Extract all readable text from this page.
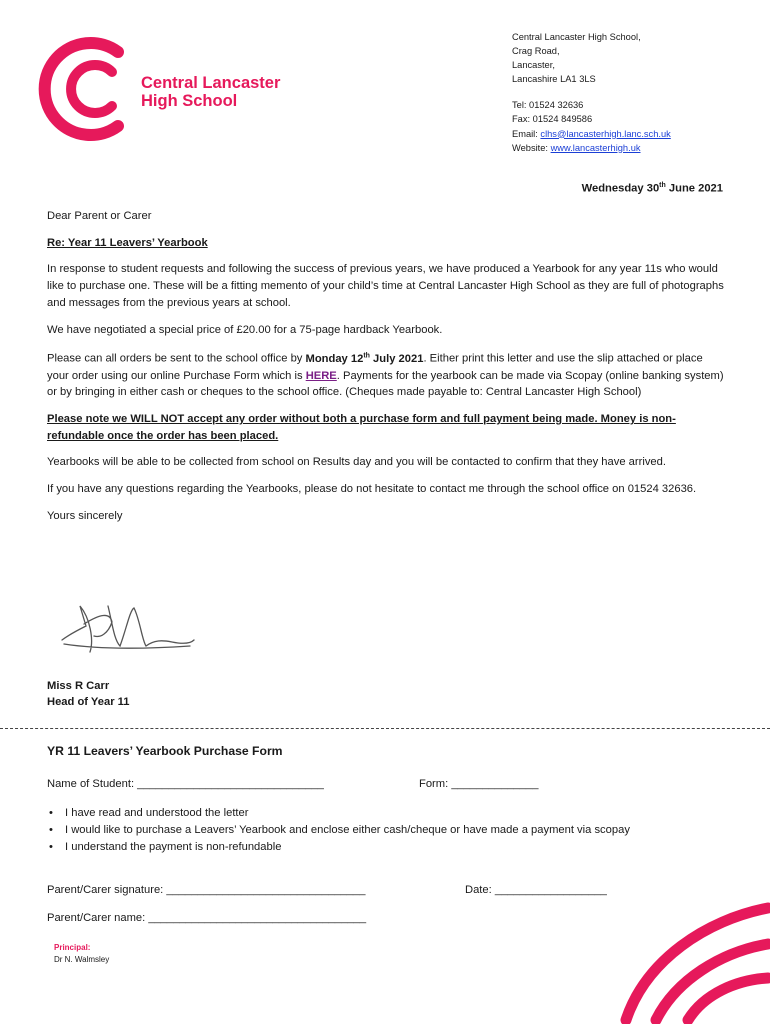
Central Lancaster
High School
Central Lancaster High School,
Crag Road,
Lancaster,
Lancashire LA1 3LS
Tel: 01524 32636
Fax: 01524 849586
Email: clhs@lancasterhigh.lanc.sch.uk
Website: www.lancasterhigh.uk
Wednesday 30th June 2021

Dear Parent or Carer

Re: Year 11 Leavers’ Yearbook

In response to student requests and following the success of previous years, we have produced a Yearbook for any year 11s who would like to purchase one. These will be a fitting memento of your child’s time at Central Lancaster High School as they are full of photographs and messages from the previous years at school.

We have negotiated a special price of £20.00 for a 75-page hardback Yearbook.

Please can all orders be sent to the school office by Monday 12th July 2021. Either print this letter and use the slip attached or place your order using our online Purchase Form which is HERE. Payments for the yearbook can be made via Scopay (online banking system) or by bringing in either cash or cheques to the school office. (Cheques made payable to: Central Lancaster High School)

Please note we WILL NOT accept any order without both a purchase form and full payment being made. Money is non-refundable once the order has been placed.

Yearbooks will be able to be collected from school on Results day and you will be contacted to confirm that they have arrived.

If you have any questions regarding the Yearbooks, please do not hesitate to contact me through the school office on 01524 32636.

Yours sincerely

Miss R Carr
Head of Year 11
YR 11 Leavers’ Yearbook Purchase Form
Name of Student: ______________________________	Form: ______________
• I have read and understood the letter
• I would like to purchase a Leavers’ Yearbook and enclose either cash/cheque or have made a payment via scopay
• I understand the payment is non-refundable
Parent/Carer signature: ________________________________	Date: __________________
Parent/Carer name: ___________________________________
Principal:
Dr N. Walmsley
